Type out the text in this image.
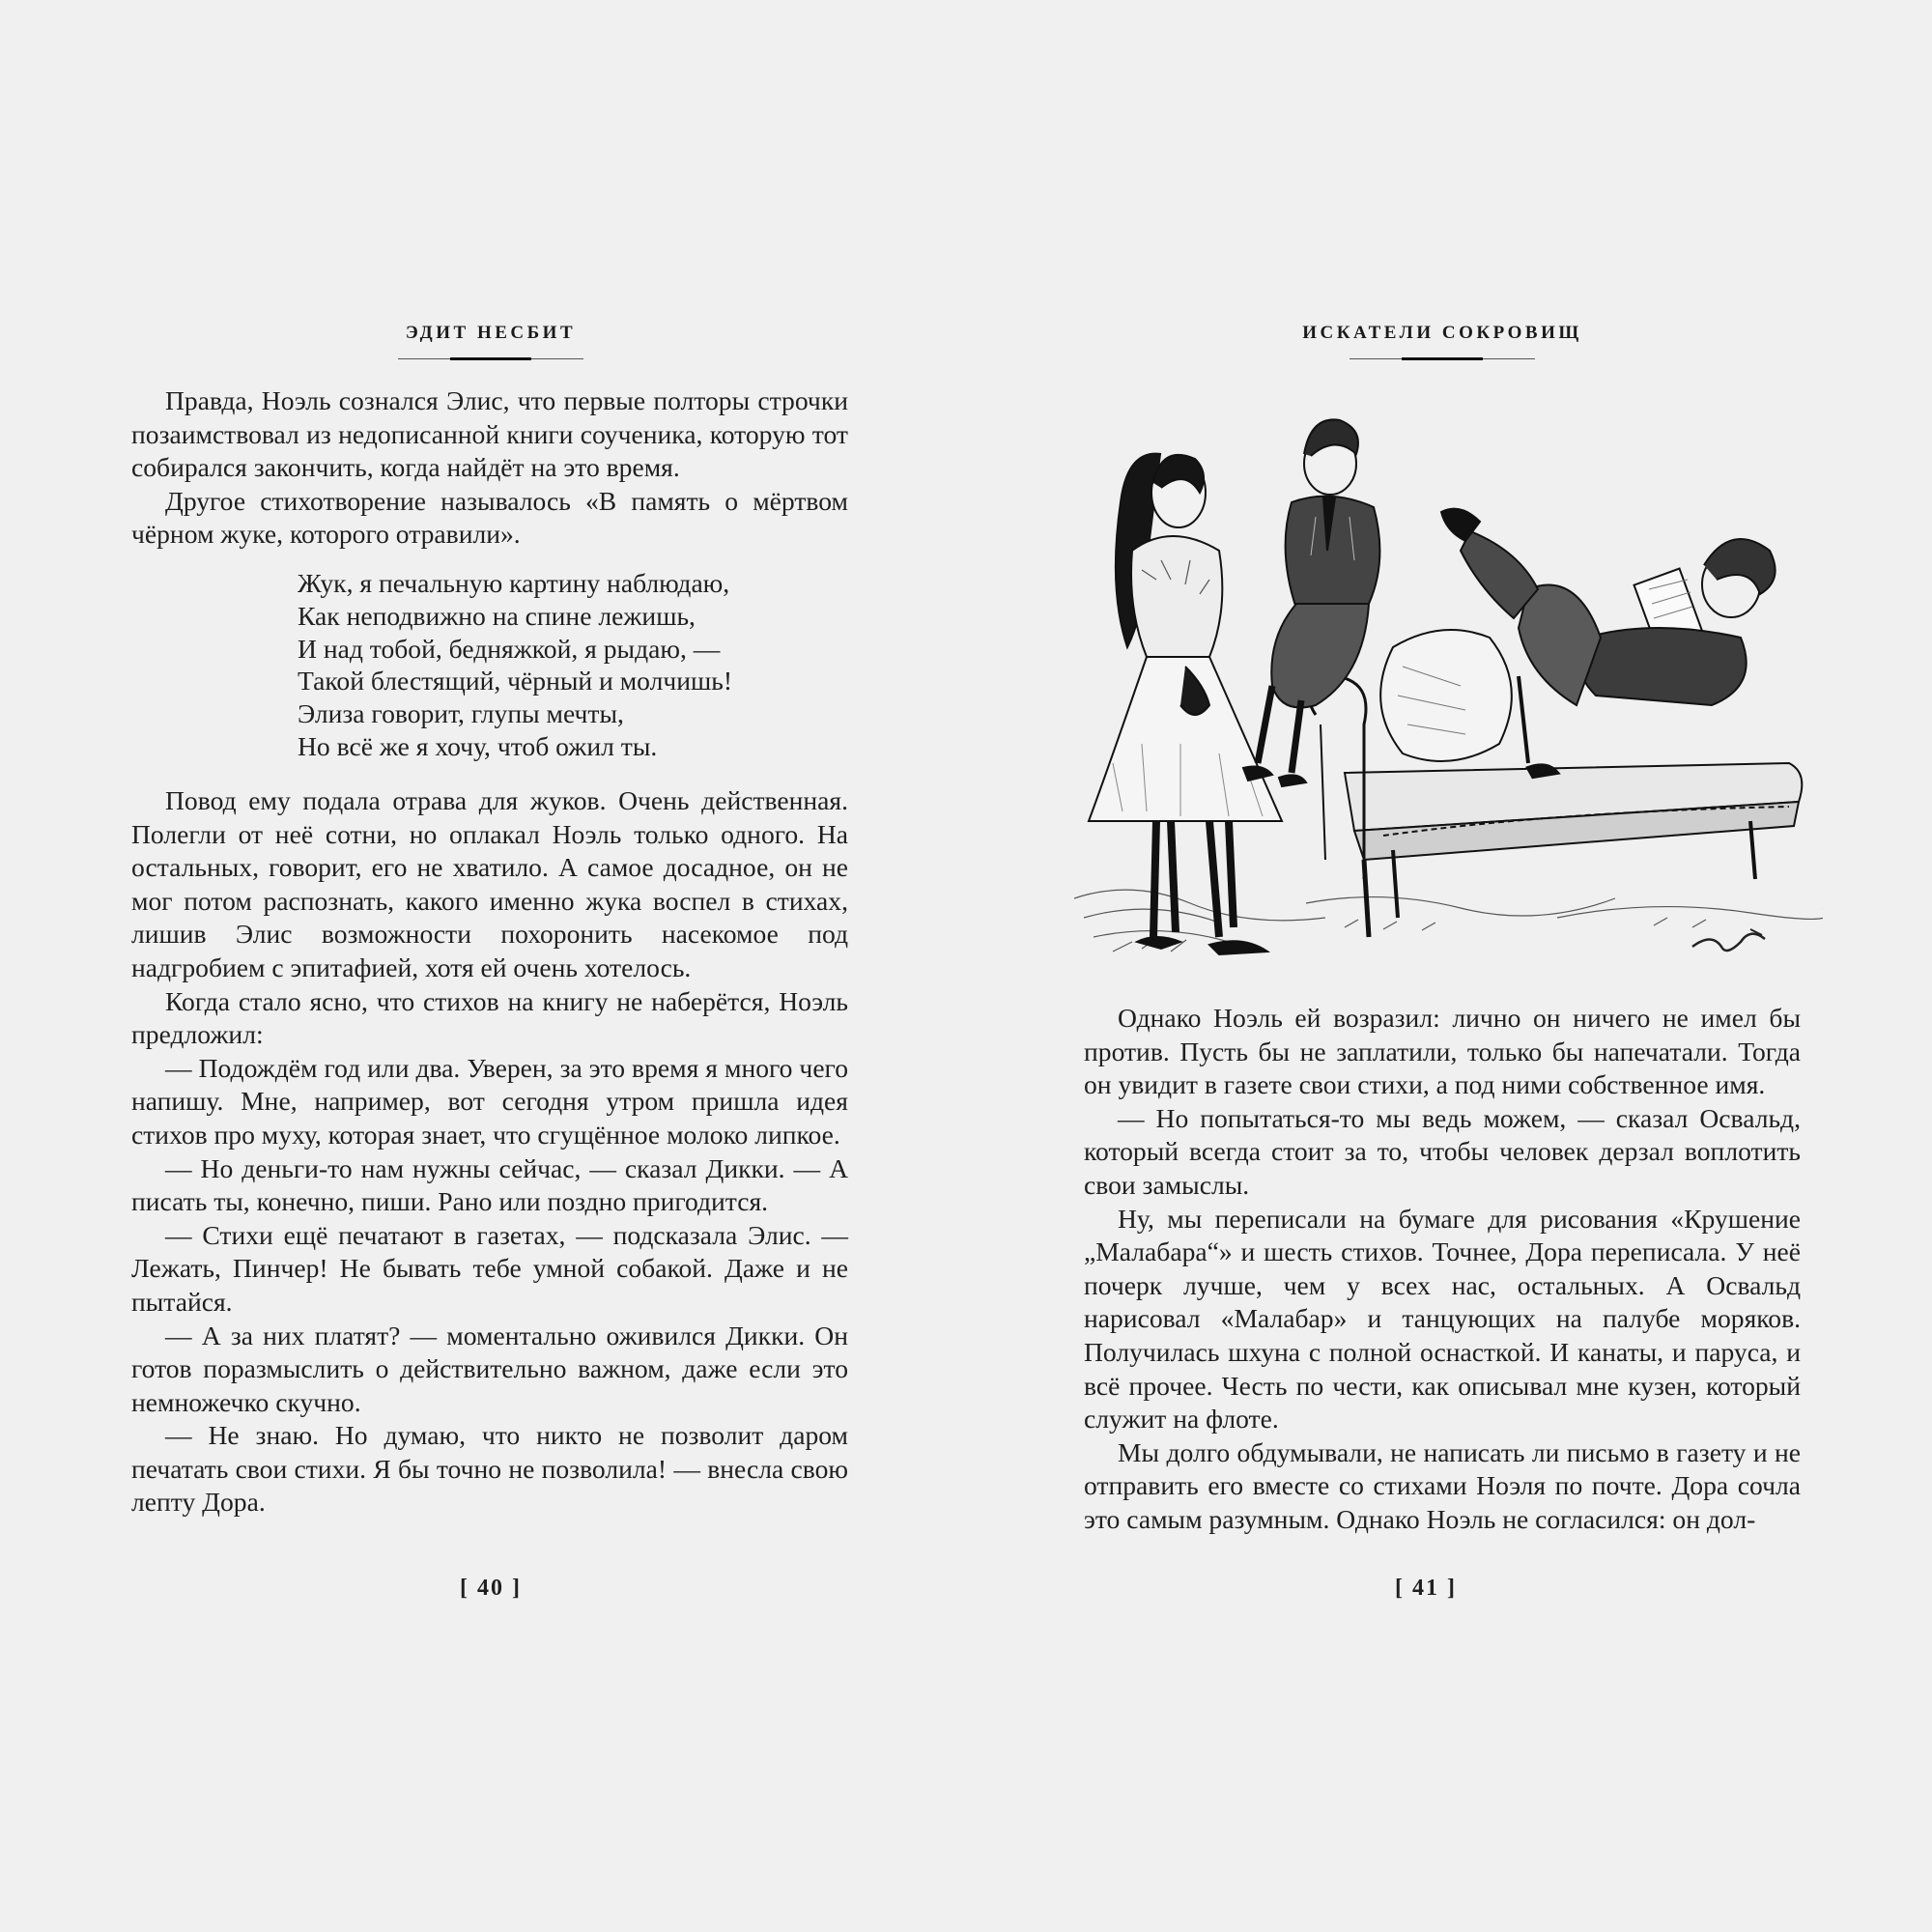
ЭДИТ НЕСБИТ

Правда, Ноэль сознался Элис, что первые полторы строчки позаимствовал из недописанной книги соученика, которую тот собирался закончить, когда найдёт на это время.

Другое стихотворение называлось «В память о мёртвом чёрном жуке, которого отравили».

Жук, я печальную картину наблюдаю,
Как неподвижно на спине лежишь,
И над тобой, бедняжкой, я рыдаю, —
Такой блестящий, чёрный и молчишь!
Элиза говорит, глупы мечты,
Но всё же я хочу, чтоб ожил ты.

Повод ему подала отрава для жуков. Очень действенная. Полегли от неё сотни, но оплакал Ноэль только одного. На остальных, говорит, его не хватило. А самое досадное, он не мог потом распознать, какого именно жука воспел в стихах, лишив Элис возможности похоронить насекомое под надгробием с эпитафией, хотя ей очень хотелось.

Когда стало ясно, что стихов на книгу не наберётся, Ноэль предложил:

— Подождём год или два. Уверен, за это время я много чего напишу. Мне, например, вот сегодня утром пришла идея стихов про муху, которая знает, что сгущённое молоко липкое.

— Но деньги-то нам нужны сейчас, — сказал Дикки. — А писать ты, конечно, пиши. Рано или поздно пригодится.

— Стихи ещё печатают в газетах, — подсказала Элис. — Лежать, Пинчер! Не бывать тебе умной собакой. Даже и не пытайся.

— А за них платят? — моментально оживился Дикки. Он готов поразмыслить о действительно важном, даже если это немножечко скучно.

— Не знаю. Но думаю, что никто не позволит даром печатать свои стихи. Я бы точно не позволила! — внесла свою лепту Дора.

[ 40 ]
ИСКАТЕЛИ СОКРОВИЩ

Однако Ноэль ей возразил: лично он ничего не имел бы против. Пусть бы не заплатили, только бы напечатали. Тогда он увидит в газете свои стихи, а под ними собственное имя.

— Но попытаться-то мы ведь можем, — сказал Освальд, который всегда стоит за то, чтобы человек дерзал воплотить свои замыслы.

Ну, мы переписали на бумаге для рисования «Крушение „Малабара“» и шесть стихов. Точнее, Дора переписала. У неё почерк лучше, чем у всех нас, остальных. А Освальд нарисовал «Малабар» и танцующих на палубе моряков. Получилась шхуна с полной оснасткой. И канаты, и паруса, и всё прочее. Честь по чести, как описывал мне кузен, который служит на флоте.

Мы долго обдумывали, не написать ли письмо в газету и не отправить его вместе со стихами Ноэля по почте. Дора сочла это самым разумным. Однако Ноэль не согласился: он дол-

[ 41 ]
